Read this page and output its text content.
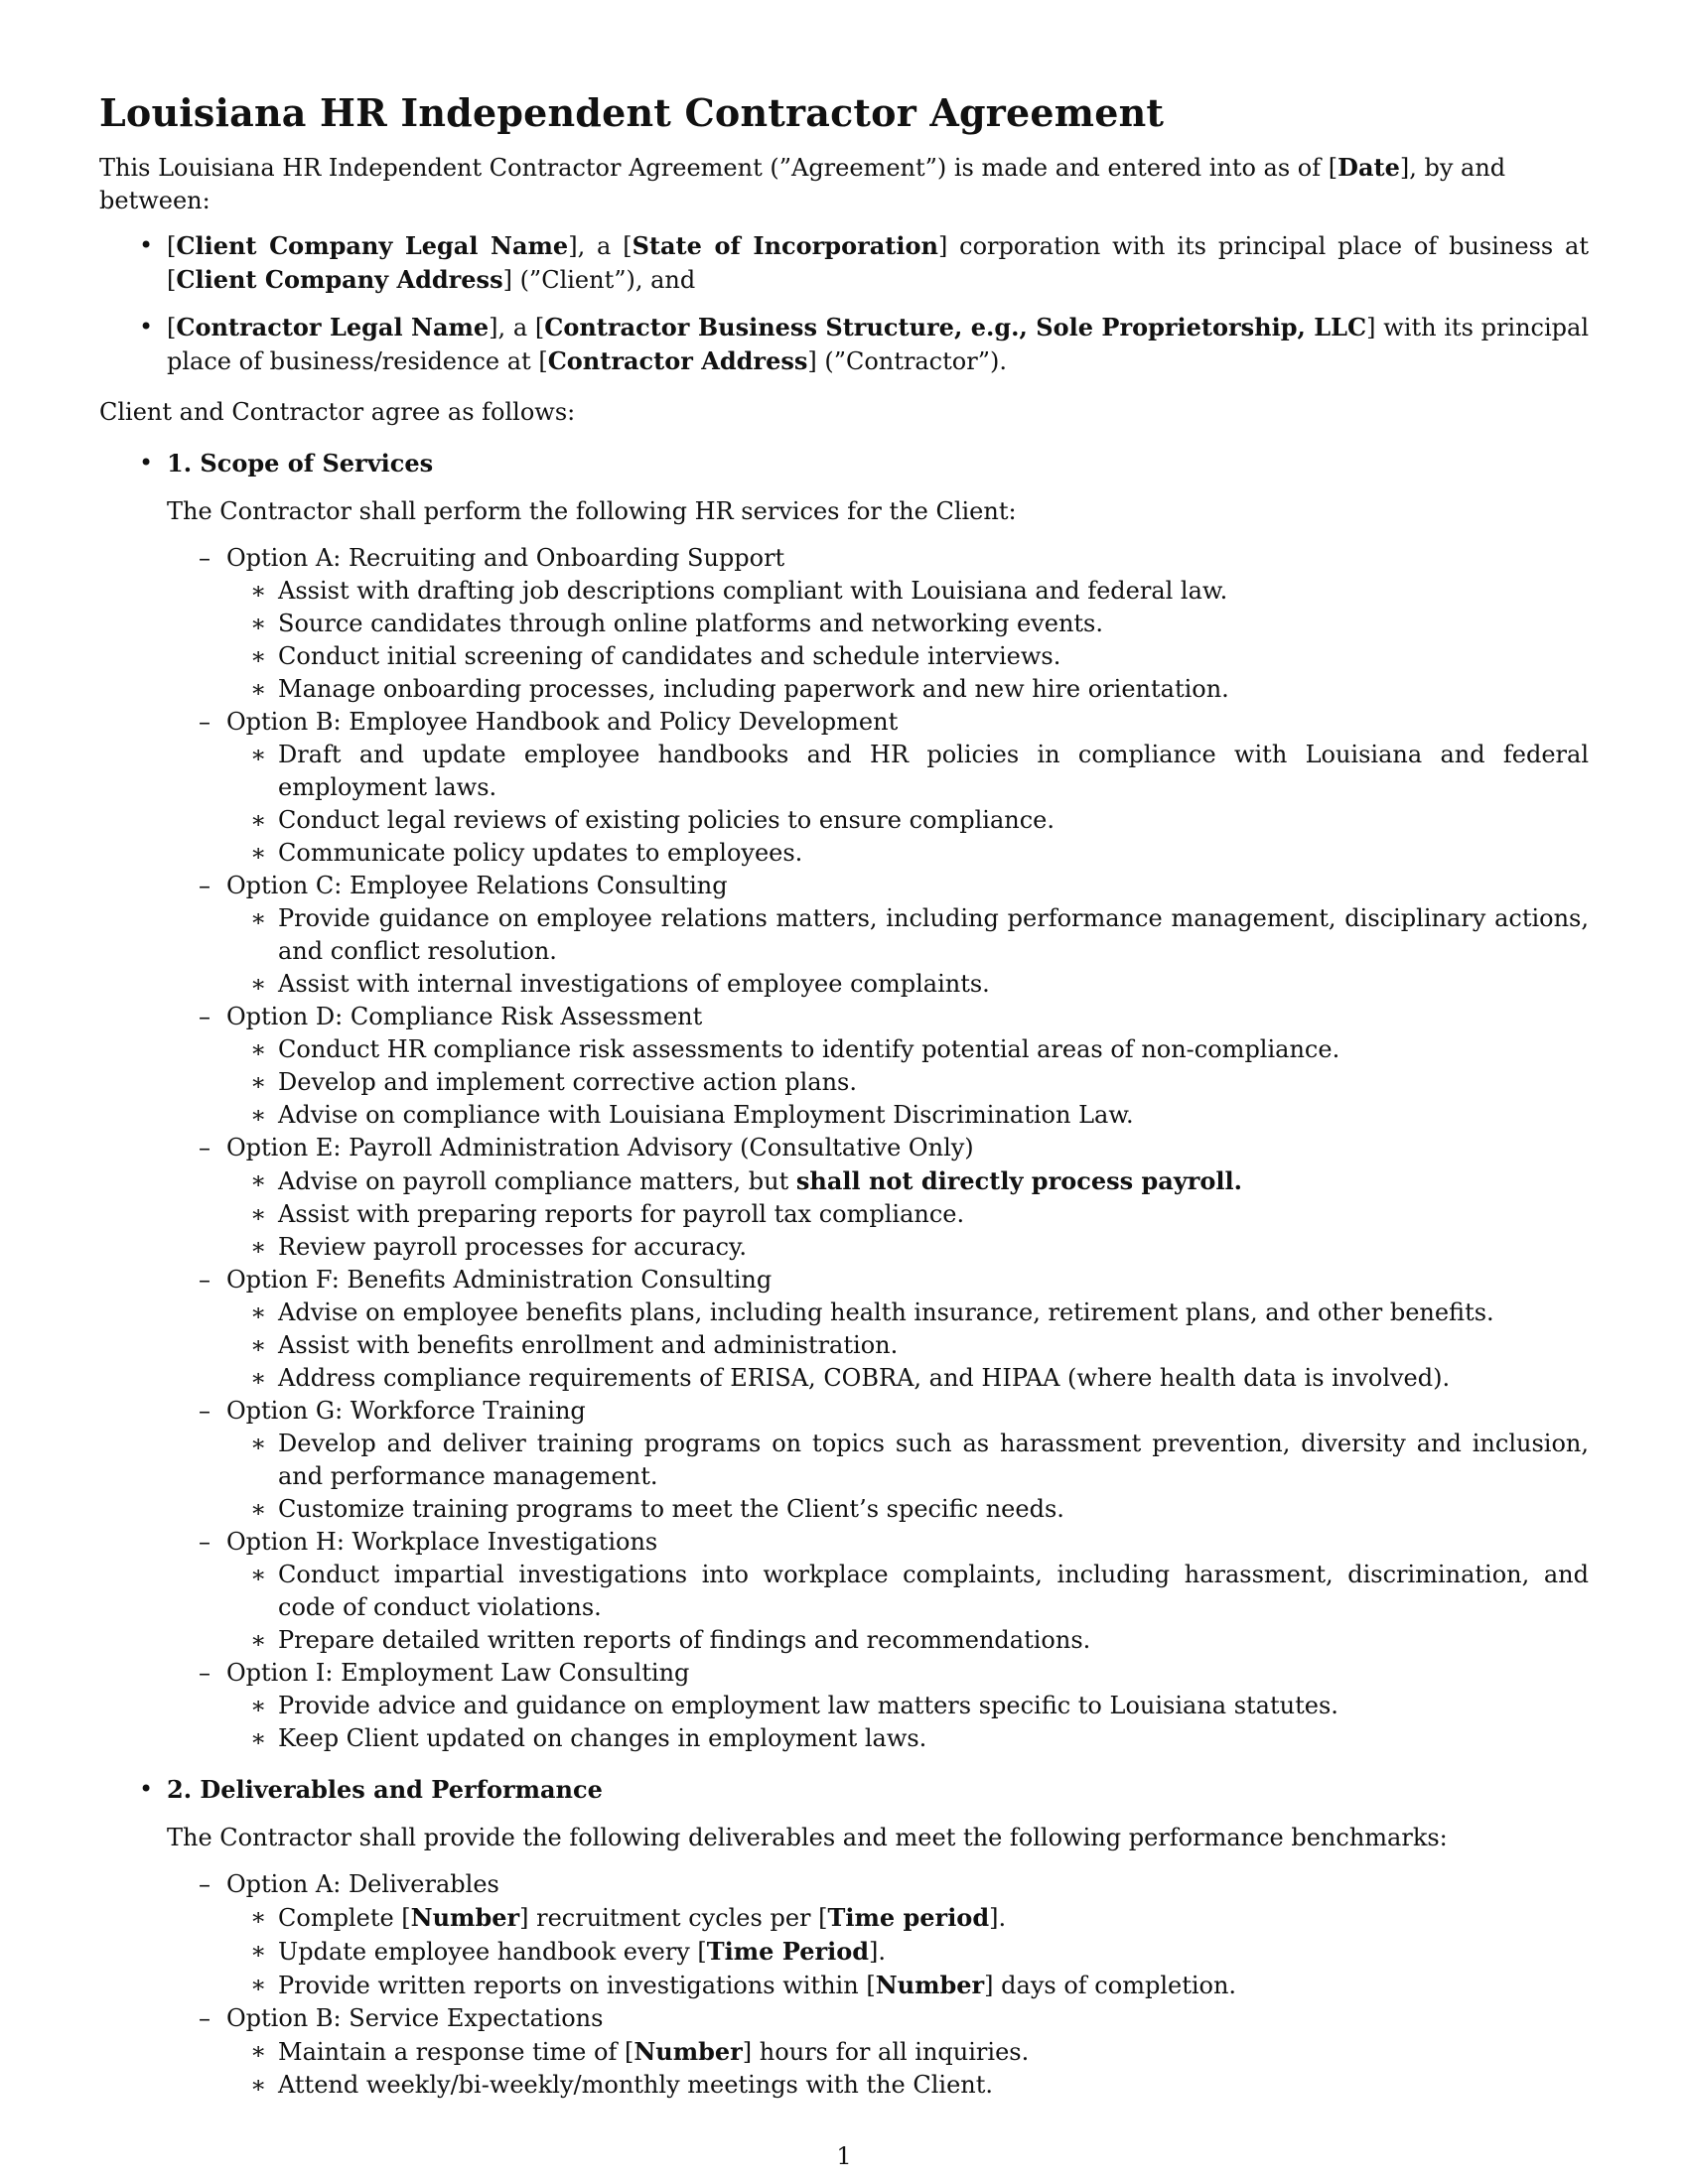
Louisiana HR Independent Contractor Agreement

This Louisiana HR Independent Contractor Agreement (”Agreement”) is made and entered into as of [Date], by and between:

• [Client Company Legal Name], a [State of Incorporation] corporation with its principal place of business at [Client Company Address] (”Client”), and
• [Contractor Legal Name], a [Contractor Business Structure, e.g., Sole Proprietorship, LLC] with its principal place of business/residence at [Contractor Address] (”Contractor”).

Client and Contractor agree as follows:

• 1. Scope of Services
The Contractor shall perform the following HR services for the Client:
– Option A: Recruiting and Onboarding Support
∗ Assist with drafting job descriptions compliant with Louisiana and federal law.
∗ Source candidates through online platforms and networking events.
∗ Conduct initial screening of candidates and schedule interviews.
∗ Manage onboarding processes, including paperwork and new hire orientation.
– Option B: Employee Handbook and Policy Development
∗ Draft and update employee handbooks and HR policies in compliance with Louisiana and federal employment laws.
∗ Conduct legal reviews of existing policies to ensure compliance.
∗ Communicate policy updates to employees.
– Option C: Employee Relations Consulting
∗ Provide guidance on employee relations matters, including performance management, disciplinary actions, and conflict resolution.
∗ Assist with internal investigations of employee complaints.
– Option D: Compliance Risk Assessment
∗ Conduct HR compliance risk assessments to identify potential areas of non-compliance.
∗ Develop and implement corrective action plans.
∗ Advise on compliance with Louisiana Employment Discrimination Law.
– Option E: Payroll Administration Advisory (Consultative Only)
∗ Advise on payroll compliance matters, but shall not directly process payroll.
∗ Assist with preparing reports for payroll tax compliance.
∗ Review payroll processes for accuracy.
– Option F: Benefits Administration Consulting
∗ Advise on employee benefits plans, including health insurance, retirement plans, and other benefits.
∗ Assist with benefits enrollment and administration.
∗ Address compliance requirements of ERISA, COBRA, and HIPAA (where health data is involved).
– Option G: Workforce Training
∗ Develop and deliver training programs on topics such as harassment prevention, diversity and inclusion, and performance management.
∗ Customize training programs to meet the Client’s specific needs.
– Option H: Workplace Investigations
∗ Conduct impartial investigations into workplace complaints, including harassment, discrimination, and code of conduct violations.
∗ Prepare detailed written reports of findings and recommendations.
– Option I: Employment Law Consulting
∗ Provide advice and guidance on employment law matters specific to Louisiana statutes.
∗ Keep Client updated on changes in employment laws.
• 2. Deliverables and Performance
The Contractor shall provide the following deliverables and meet the following performance benchmarks:
– Option A: Deliverables
∗ Complete [Number] recruitment cycles per [Time period].
∗ Update employee handbook every [Time Period].
∗ Provide written reports on investigations within [Number] days of completion.
– Option B: Service Expectations
∗ Maintain a response time of [Number] hours for all inquiries.
∗ Attend weekly/bi-weekly/monthly meetings with the Client.
1
